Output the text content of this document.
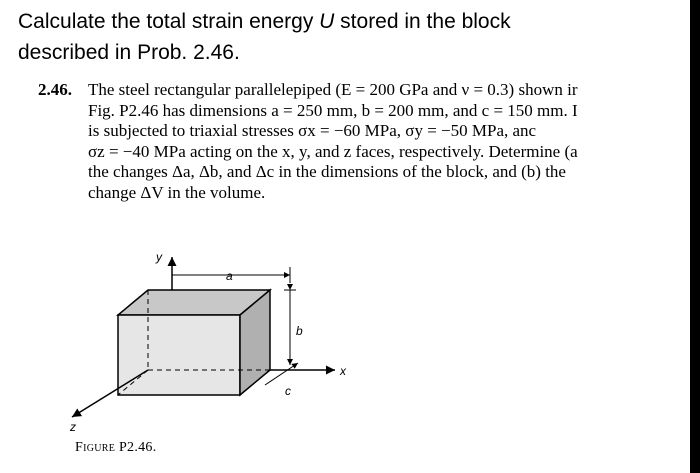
Calculate the total strain energy U stored in the block
described in Prob. 2.46.
2.46. The steel rectangular parallelepiped (E = 200 GPa and ν = 0.3) shown ir
Fig. P2.46 has dimensions a = 250 mm, b = 200 mm, and c = 150 mm. I
is subjected to triaxial stresses σx = −60 MPa, σy = −50 MPa, anc
σz = −40 MPa acting on the x, y, and z faces, respectively. Determine (a
the changes Δa, Δb, and Δc in the dimensions of the block, and (b) the
change ΔV in the volume.
y
x
z
a
b
c
Figure P2.46.
